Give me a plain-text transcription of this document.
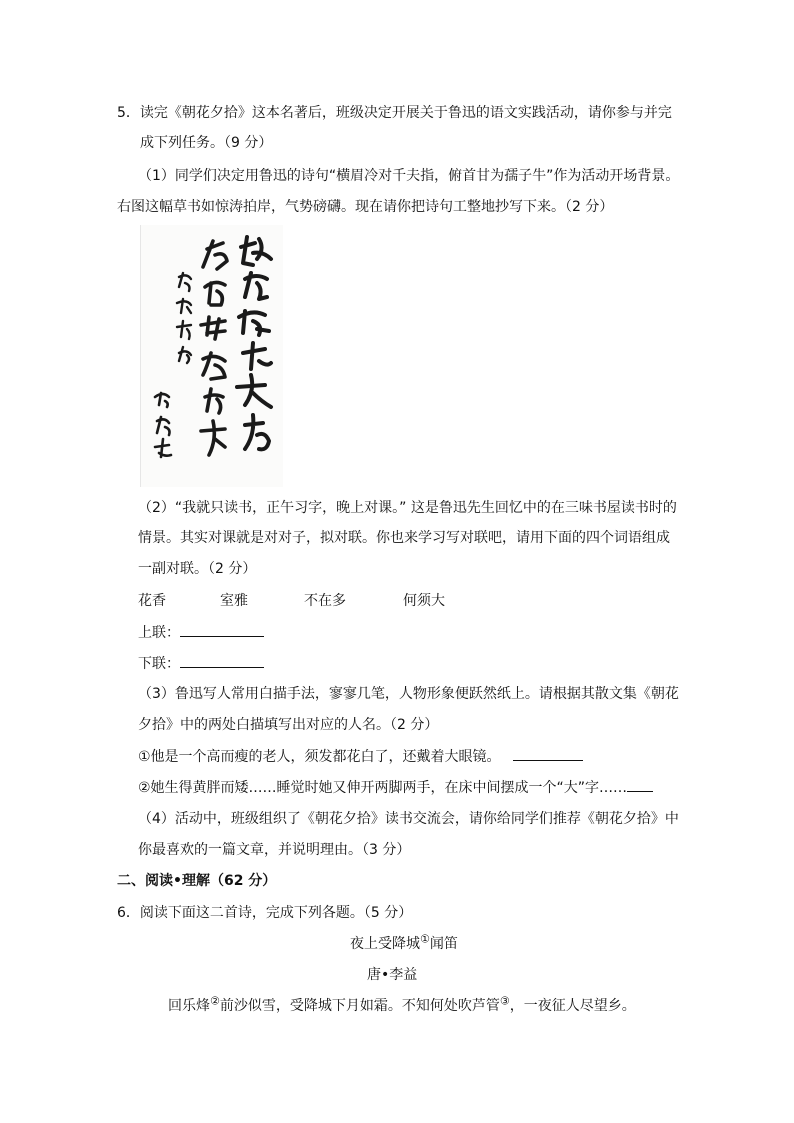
5．读完《朝花夕拾》这本名著后，班级决定开展关于鲁迅的语文实践活动，请你参与并完
成下列任务。（9 分）
（1）同学们决定用鲁迅的诗句“横眉冷对千夫指，俯首甘为孺子牛”作为活动开场背景。
右图这幅草书如惊涛拍岸，气势磅礴。现在请你把诗句工整地抄写下来。（2 分）
（2）“我就只读书，正午习字，晚上对课。” 这是鲁迅先生回忆中的在三味书屋读书时的
情景。其实对课就是对对子，拟对联。你也来学习写对联吧，请用下面的四个词语组成
一副对联。（2 分）
花香	室雅	不在多	何须大
上联：
下联：
（3）鲁迅写人常用白描手法，寥寥几笔，人物形象便跃然纸上。请根据其散文集《朝花
夕拾》中的两处白描填写出对应的人名。（2 分）
①他是一个高而瘦的老人，须发都花白了，还戴着大眼镜。
②她生得黄胖而矮……睡觉时她又伸开两脚两手，在床中间摆成一个“大”字……
（4）活动中，班级组织了《朝花夕拾》读书交流会，请你给同学们推荐《朝花夕拾》中
你最喜欢的一篇文章，并说明理由。（3 分）
二、阅读•理解（62 分）
6．阅读下面这二首诗，完成下列各题。（5 分）
夜上受降城①闻笛
唐•李益
回乐烽②前沙似雪，受降城下月如霜。不知何处吹芦管③，一夜征人尽望乡。
